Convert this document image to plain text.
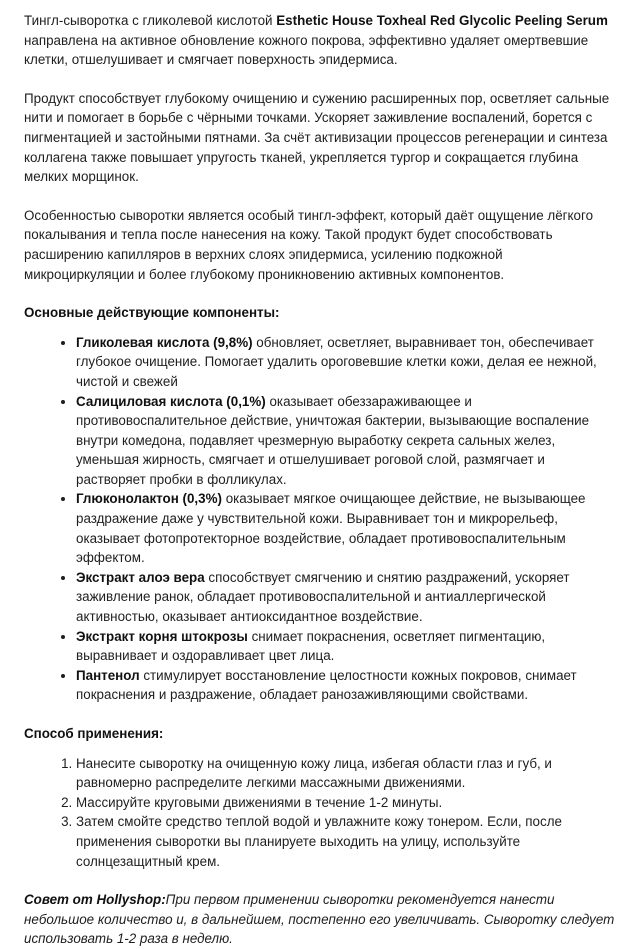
Тингл-сыворотка с гликолевой кислотой Esthetic House Toxheal Red Glycolic Peeling Serum направлена на активное обновление кожного покрова, эффективно удаляет омертвевшие клетки, отшелушивает и смягчает поверхность эпидермиса.

Продукт способствует глубокому очищению и сужению расширенных пор, осветляет сальные нити и помогает в борьбе с чёрными точками. Ускоряет заживление воспалений, борется с пигментацией и застойными пятнами. За счёт активизации процессов регенерации и синтеза коллагена также повышает упругость тканей, укрепляется тургор и сокращается глубина мелких морщинок.

Особенностью сыворотки является особый тингл-эффект, который даёт ощущение лёгкого покалывания и тепла после нанесения на кожу. Такой продукт будет способствовать расширению капилляров в верхних слоях эпидермиса, усилению подкожной микроциркуляции и более глубокому проникновению активных компонентов.

Основные действующие компоненты:
• Гликолевая кислота (9,8%) обновляет, осветляет, выравнивает тон, обеспечивает глубокое очищение. Помогает удалить ороговевшие клетки кожи, делая ее нежной, чистой и свежей
• Салициловая кислота (0,1%) оказывает обеззараживающее и противовоспалительное действие, уничтожая бактерии, вызывающие воспаление внутри комедона, подавляет чрезмерную выработку секрета сальных желез, уменьшая жирность, смягчает и отшелушивает роговой слой, размягчает и растворяет пробки в фолликулах.
• Глюконолактон (0,3%) оказывает мягкое очищающее действие, не вызывающее раздражение даже у чувствительной кожи. Выравнивает тон и микрорельеф, оказывает фотопротекторное воздействие, обладает противовоспалительным эффектом.
• Экстракт алоэ вера способствует смягчению и снятию раздражений, ускоряет заживление ранок, обладает противовоспалительной и антиаллергической активностью, оказывает антиоксидантное воздействие.
• Экстракт корня штокрозы снимает покраснения, осветляет пигментацию, выравнивает и оздоравливает цвет лица.
• Пантенол стимулирует восстановление целостности кожных покровов, снимает покраснения и раздражение, обладает ранозаживляющими свойствами.
Способ применения:
1. Нанесите сыворотку на очищенную кожу лица, избегая области глаз и губ, и равномерно распределите легкими массажными движениями.
2. Массируйте круговыми движениями в течение 1-2 минуты.
3. Затем смойте средство теплой водой и увлажните кожу тонером. Если, после применения сыворотки вы планируете выходить на улицу, используйте солнцезащитный крем.

Совет от Hollyshop:При первом применении сыворотки рекомендуется нанести небольшое количество и, в дальнейшем, постепенно его увеличивать. Сыворотку следует использовать 1-2 раза в неделю.
